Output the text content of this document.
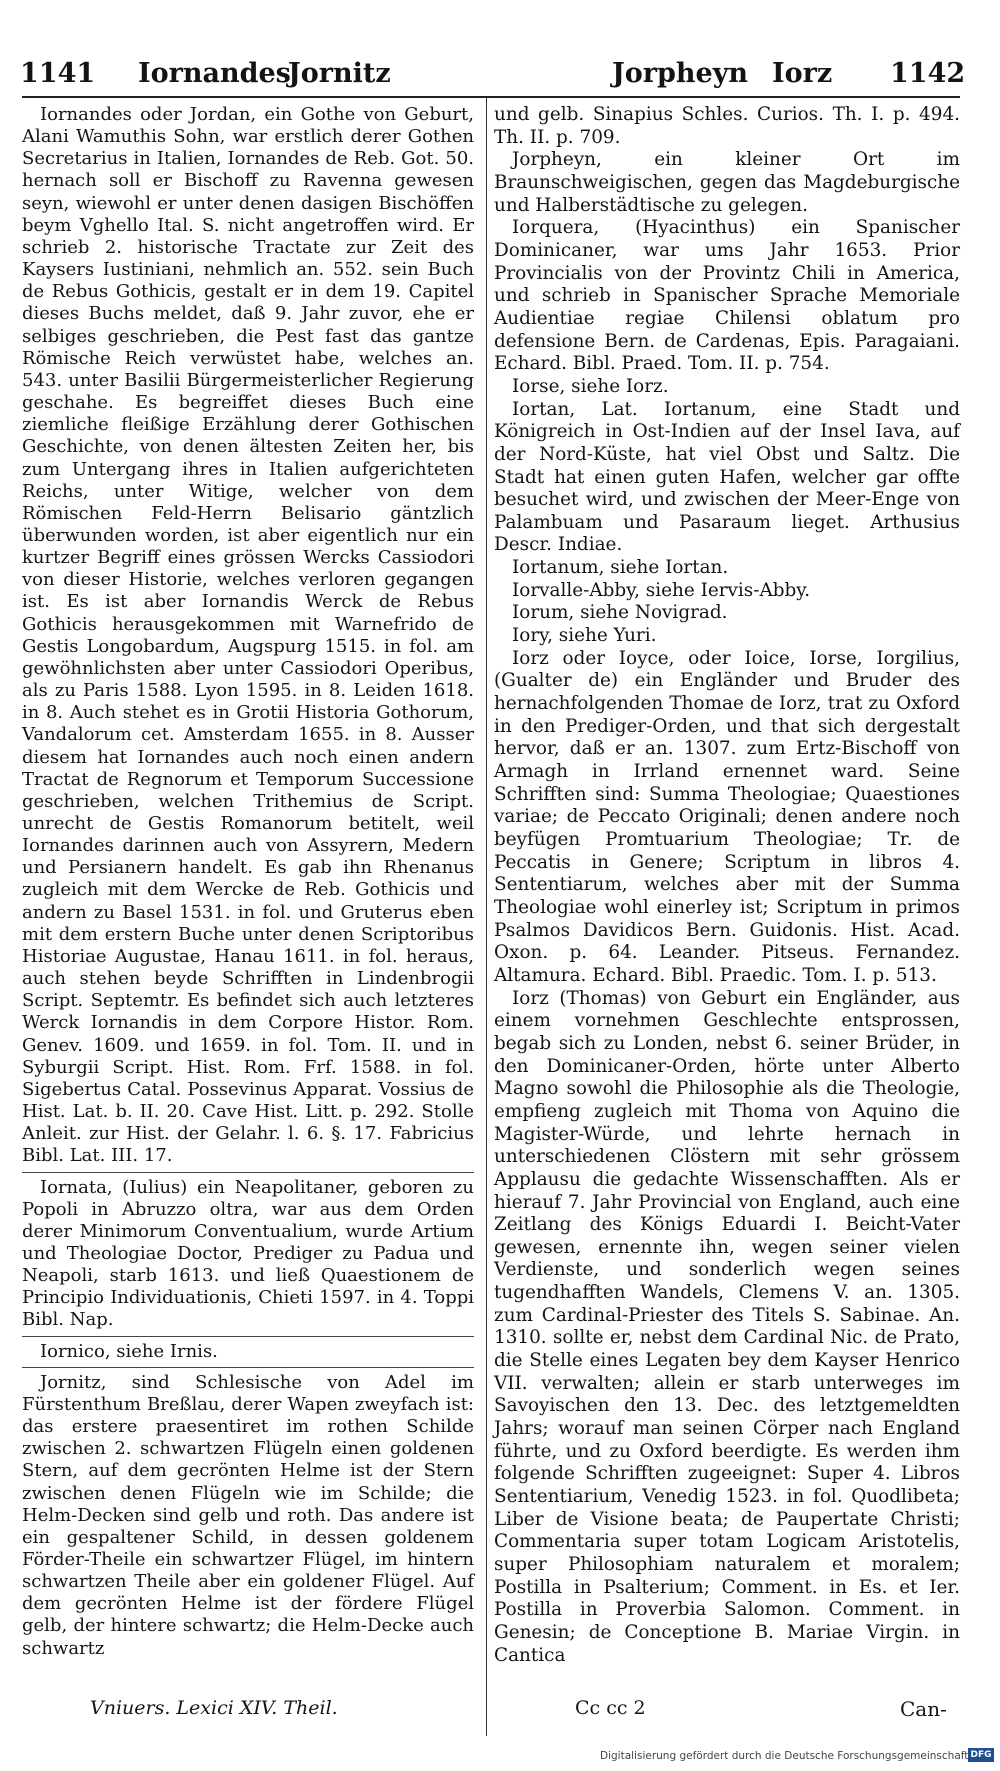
1141 Iornandes
Jornitz	Jorpheyn Iorz 1142

Iornandes oder Jordan, ein Gothe von Geburt, Alani Wamuthis Sohn, war erstlich derer Gothen Secretarius in Italien, Iornandes de Reb. Got. 50. hernach soll er Bischoff zu Ravenna gewesen seyn, wiewohl er unter denen dasigen Bischöffen beym Vghello Ital. S. nicht angetroffen wird. Er schrieb 2. historische Tractate zur Zeit des Kaysers Iustiniani, nehmlich an. 552. sein Buch de Rebus Gothicis, gestalt er in dem 19. Capitel dieses Buchs meldet, daß 9. Jahr zuvor, ehe er selbiges geschrieben, die Pest fast das gantze Römische Reich verwüstet habe, welches an. 543. unter Basilii Bürgermeisterlicher Regierung geschahe. Es begreiffet dieses Buch eine ziemliche fleißige Erzählung derer Gothischen Geschichte, von denen ältesten Zeiten her, bis zum Untergang ihres in Italien aufgerichteten Reichs, unter Witige, welcher von dem Römischen Feld-Herrn Belisario gäntzlich überwunden worden, ist aber eigentlich nur ein kurtzer Begriff eines grössen Wercks Cassiodori von dieser Historie, welches verloren gegangen ist. Es ist aber Iornandis Werck de Rebus Gothicis herausgekommen mit Warnefrido de Gestis Longobardum, Augspurg 1515. in fol. am gewöhnlichsten aber unter Cassiodori Operibus, als zu Paris 1588. Lyon 1595. in 8. Leiden 1618. in 8. Auch stehet es in Grotii Historia Gothorum, Vandalorum cet. Amsterdam 1655. in 8. Ausser diesem hat Iornandes auch noch einen andern Tractat de Regnorum et Temporum Successione geschrieben, welchen Trithemius de Script. unrecht de Gestis Romanorum betitelt, weil Iornandes darinnen auch von Assyrern, Medern und Persianern handelt. Es gab ihn Rhenanus zugleich mit dem Wercke de Reb. Gothicis und andern zu Basel 1531. in fol. und Gruterus eben mit dem erstern Buche unter denen Scriptoribus Historiae Augustae, Hanau 1611. in fol. heraus, auch stehen beyde Schrifften in Lindenbrogii Script. Septemtr. Es befindet sich auch letzteres Werck Iornandis in dem Corpore Histor. Rom. Genev. 1609. und 1659. in fol. Tom. II. und in Syburgii Script. Hist. Rom. Frf. 1588. in fol. Sigebertus Catal. Possevinus Apparat. Vossius de Hist. Lat. b. II. 20. Cave Hist. Litt. p. 292. Stolle Anleit. zur Hist. der Gelahr. l. 6. §. 17. Fabricius Bibl. Lat. III. 17.

Iornata, (Iulius) ein Neapolitaner, geboren zu Popoli in Abruzzo oltra, war aus dem Orden derer Minimorum Conventualium, wurde Artium und Theologiae Doctor, Prediger zu Padua und Neapoli, starb 1613. und ließ Quaestionem de Principio Individuationis, Chieti 1597. in 4. Toppi Bibl. Nap.

Iornico, siehe Irnis.

Jornitz, sind Schlesische von Adel im Fürstenthum Breßlau, derer Wapen zweyfach ist: das erstere praesentiret im rothen Schilde zwischen 2. schwartzen Flügeln einen goldenen Stern, auf dem gecrönten Helme ist der Stern zwischen denen Flügeln wie im Schilde; die Helm-Decken sind gelb und roth. Das andere ist ein gespaltener Schild, in dessen goldenem Förder-Theile ein schwartzer Flügel, im hintern schwartzen Theile aber ein goldener Flügel. Auf dem gecrönten Helme ist der fördere Flügel gelb, der hintere schwartz; die Helm-Decke auch schwartz

und gelb. Sinapius Schles. Curios. Th. I. p. 494. Th. II. p. 709.

Jorpheyn, ein kleiner Ort im Braunschweigischen, gegen das Magdeburgische und Halberstädtische zu gelegen.

Iorquera, (Hyacinthus) ein Spanischer Dominicaner, war ums Jahr 1653. Prior Provincialis von der Provintz Chili in America, und schrieb in Spanischer Sprache Memoriale Audientiae regiae Chilensi oblatum pro defensione Bern. de Cardenas, Epis. Paragaiani. Echard. Bibl. Praed. Tom. II. p. 754.

Iorse, siehe Iorz.

Iortan, Lat. Iortanum, eine Stadt und Königreich in Ost-Indien auf der Insel Iava, auf der Nord-Küste, hat viel Obst und Saltz. Die Stadt hat einen guten Hafen, welcher gar offte besuchet wird, und zwischen der Meer-Enge von Palambuam und Pasaraum lieget. Arthusius Descr. Indiae.

Iortanum, siehe Iortan.

Iorvalle-Abby, siehe Iervis-Abby.

Iorum, siehe Novigrad.

Iory, siehe Yuri.

Iorz oder Ioyce, oder Ioice, Iorse, Iorgilius, (Gualter de) ein Engländer und Bruder des hernachfolgenden Thomae de Iorz, trat zu Oxford in den Prediger-Orden, und that sich dergestalt hervor, daß er an. 1307. zum Ertz-Bischoff von Armagh in Irrland ernennet ward. Seine Schrifften sind: Summa Theologiae; Quaestiones variae; de Peccato Originali; denen andere noch beyfügen Promtuarium Theologiae; Tr. de Peccatis in Genere; Scriptum in libros 4. Sententiarum, welches aber mit der Summa Theologiae wohl einerley ist; Scriptum in primos Psalmos Davidicos Bern. Guidonis. Hist. Acad. Oxon. p. 64. Leander. Pitseus. Fernandez. Altamura. Echard. Bibl. Praedic. Tom. I. p. 513.

Iorz (Thomas) von Geburt ein Engländer, aus einem vornehmen Geschlechte entsprossen, begab sich zu Londen, nebst 6. seiner Brüder, in den Dominicaner-Orden, hörte unter Alberto Magno sowohl die Philosophie als die Theologie, empfieng zugleich mit Thoma von Aquino die Magister-Würde, und lehrte hernach in unterschiedenen Clöstern mit sehr grössem Applausu die gedachte Wissenschafften. Als er hierauf 7. Jahr Provincial von England, auch eine Zeitlang des Königs Eduardi I. Beicht-Vater gewesen, ernennte ihn, wegen seiner vielen Verdienste, und sonderlich wegen seines tugendhafften Wandels, Clemens V. an. 1305. zum Cardinal-Priester des Titels S. Sabinae. An. 1310. sollte er, nebst dem Cardinal Nic. de Prato, die Stelle eines Legaten bey dem Kayser Henrico VII. verwalten; allein er starb unterweges im Savoyischen den 13. Dec. des letztgemeldten Jahrs; worauf man seinen Cörper nach England führte, und zu Oxford beerdigte. Es werden ihm folgende Schrifften zugeeignet: Super 4. Libros Sententiarium, Venedig 1523. in fol. Quodlibeta; Liber de Visione beata; de Paupertate Christi; Commentaria super totam Logicam Aristotelis, super Philosophiam naturalem et moralem; Postilla in Psalterium; Comment. in Es. et Ier. Postilla in Proverbia Salomon. Comment. in Genesin; de Conceptione B. Mariae Virgin. in Cantica

Vniuers. Lexici XIV. Theil.	Cc cc 2	Can-
Digitalisierung gefördert durch die Deutsche Forschungsgemeinschaft DFG
